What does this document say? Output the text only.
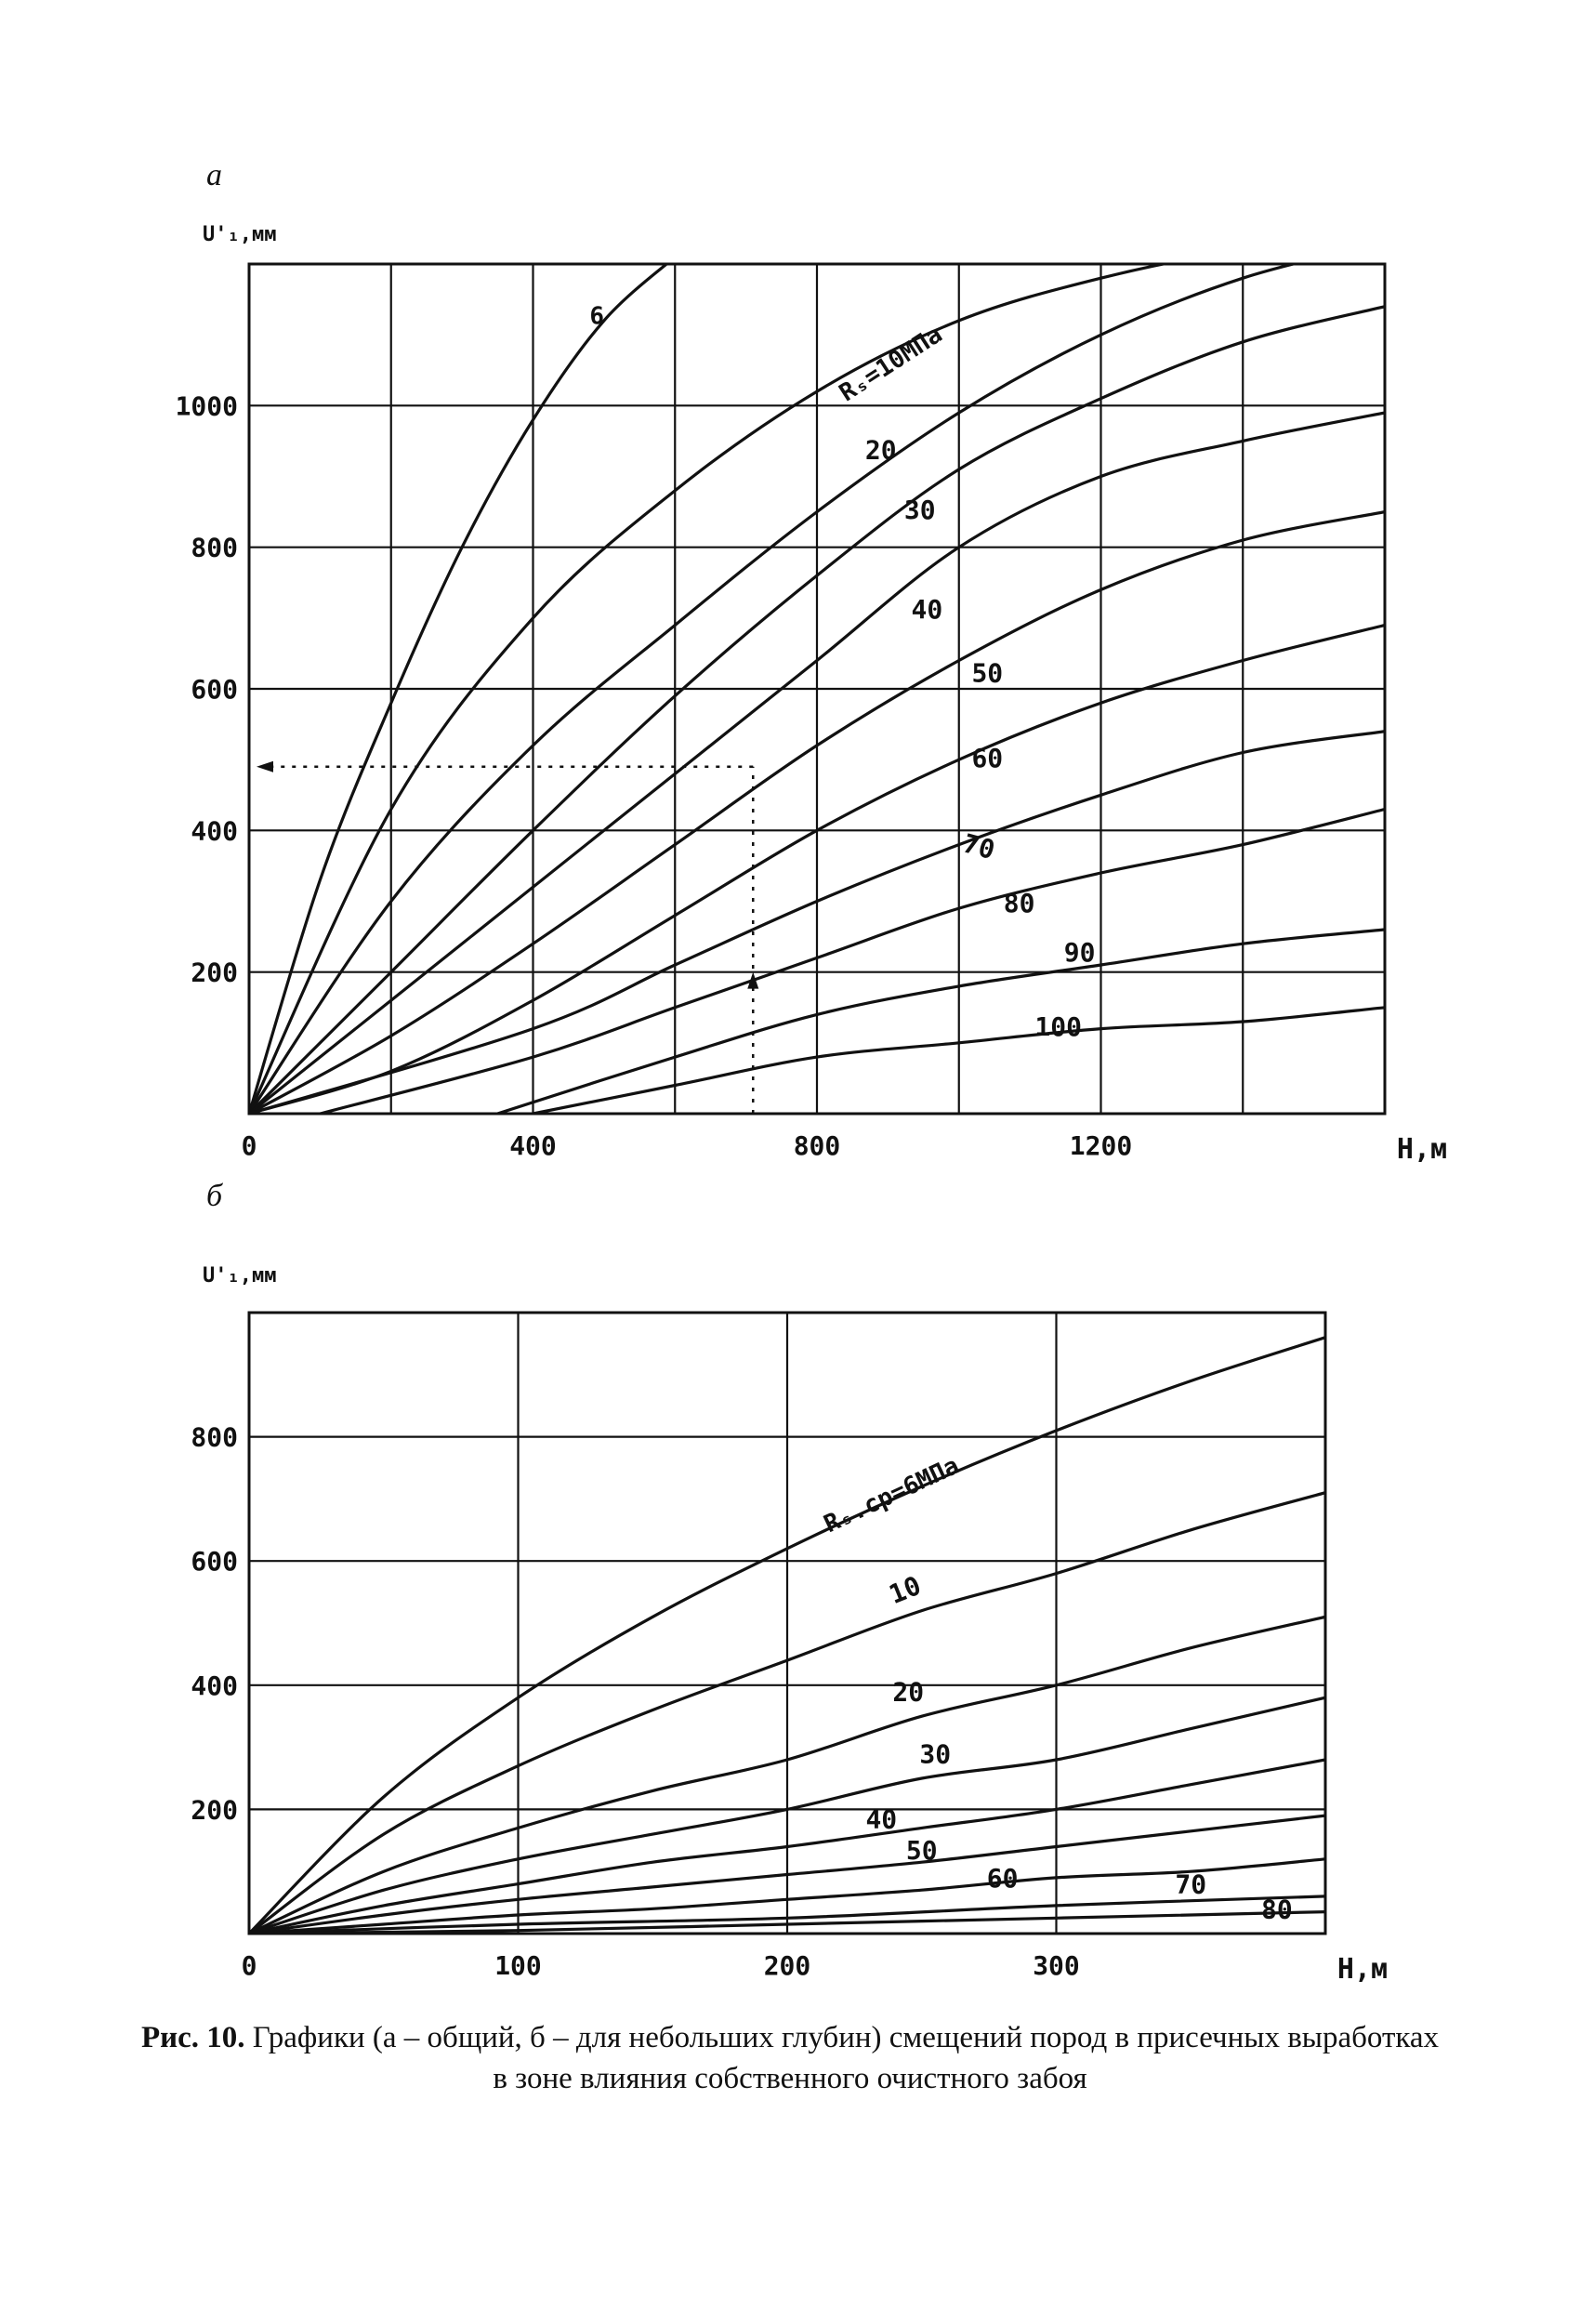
а
U'₁,мм
0	400	800	1200
200
400
600
800
1000
Н,м
6
Rₛ=10МПа
20
30
40
50
60
70
80
90
100
б
U'₁,мм
0	100	200	300
200
400
600
800
Н,м
Rₛ.ср=6МПа
10
20
30
40
50
60	70
80
Рис. 10. Графики (а – общий, б – для небольших глубин) смещений пород в присечных выработках в зоне влияния собственного очистного забоя
